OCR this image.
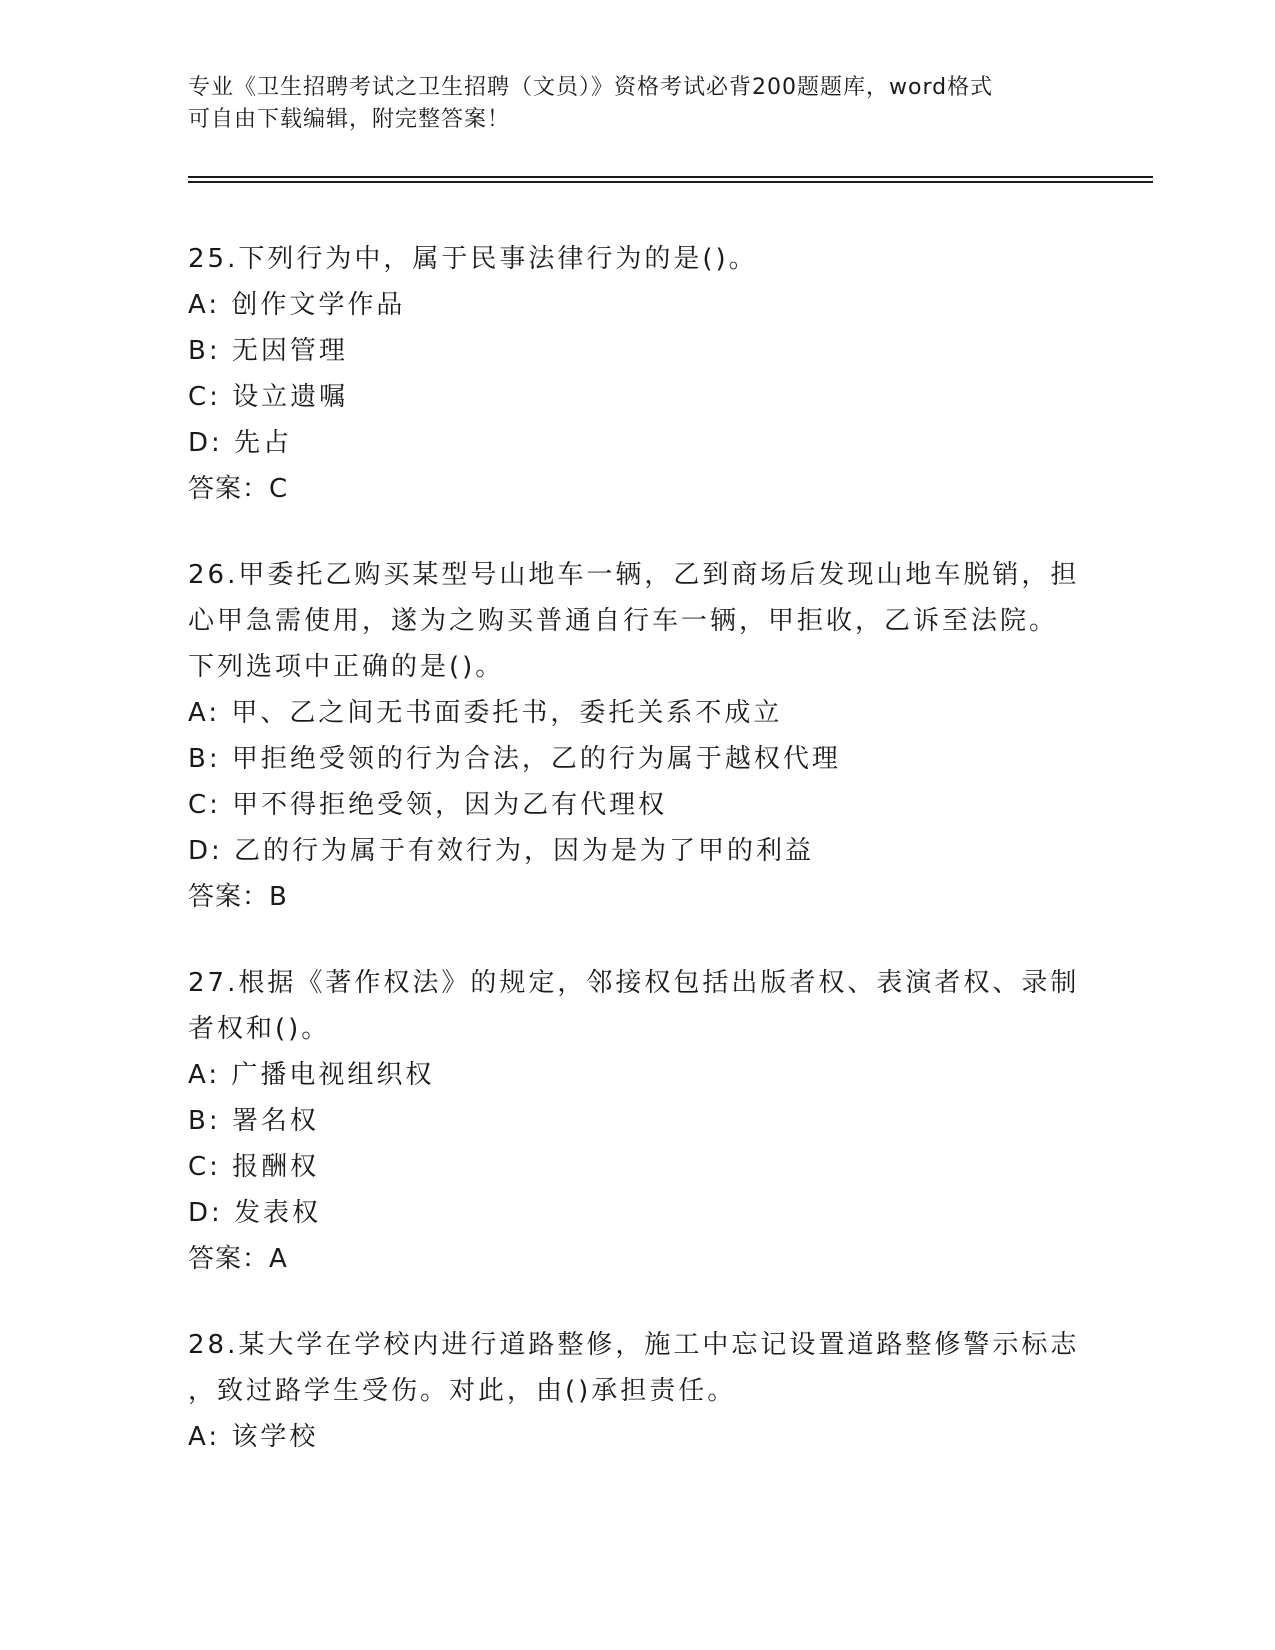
专业《卫生招聘考试之卫生招聘（文员）》资格考试必背200题题库，word格式
可自由下载编辑，附完整答案！
25.下列行为中，属于民事法律行为的是()。
A: 创作文学作品
B: 无因管理
C: 设立遗嘱
D: 先占
答案：C
26.甲委托乙购买某型号山地车一辆，乙到商场后发现山地车脱销，担
心甲急需使用，遂为之购买普通自行车一辆，甲拒收，乙诉至法院。
下列选项中正确的是()。
A: 甲、乙之间无书面委托书，委托关系不成立
B: 甲拒绝受领的行为合法，乙的行为属于越权代理
C: 甲不得拒绝受领，因为乙有代理权
D: 乙的行为属于有效行为，因为是为了甲的利益
答案：B
27.根据《著作权法》的规定，邻接权包括出版者权、表演者权、录制
者权和()。
A: 广播电视组织权
B: 署名权
C: 报酬权
D: 发表权
答案：A
28.某大学在学校内进行道路整修，施工中忘记设置道路整修警示标志
，致过路学生受伤。对此，由()承担责任。
A: 该学校
